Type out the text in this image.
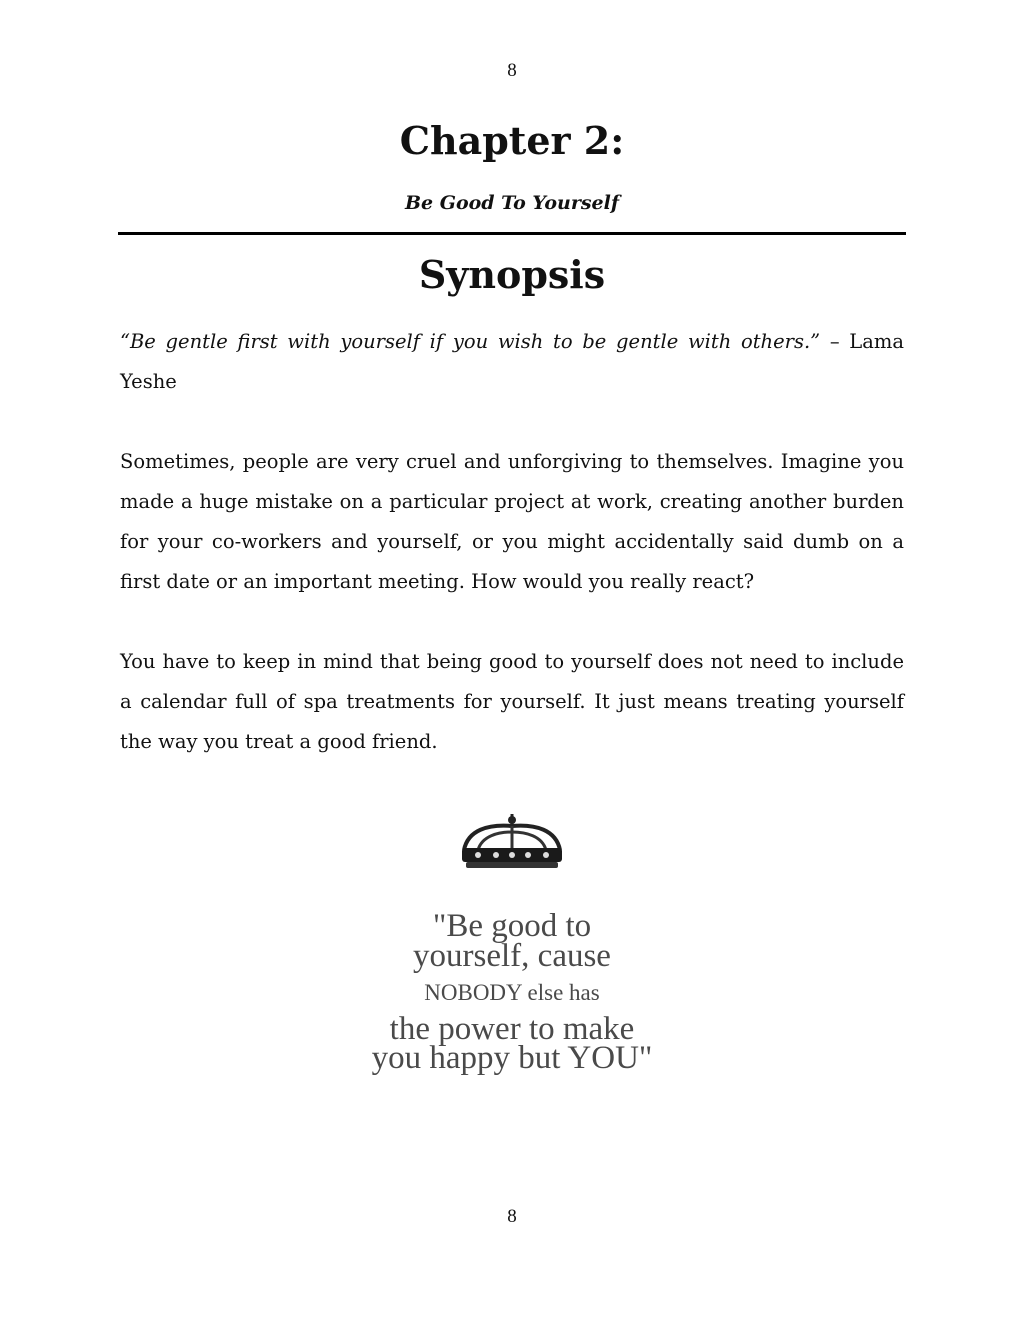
8
Chapter 2:
Be Good To Yourself
Synopsis

“Be gentle first with yourself if you wish to be gentle with others.” – Lama Yeshe

Sometimes, people are very cruel and unforgiving to themselves. Imagine you made a huge mistake on a particular project at work, creating another burden for your co-workers and yourself, or you might accidentally said dumb on a first date or an important meeting. How would you really react?

You have to keep in mind that being good to yourself does not need to include a calendar full of spa treatments for yourself. It just means treating yourself the way you treat a good friend.

"Be good to
yourself, cause
NOBODY else has
the power to make
you happy but YOU"
8
